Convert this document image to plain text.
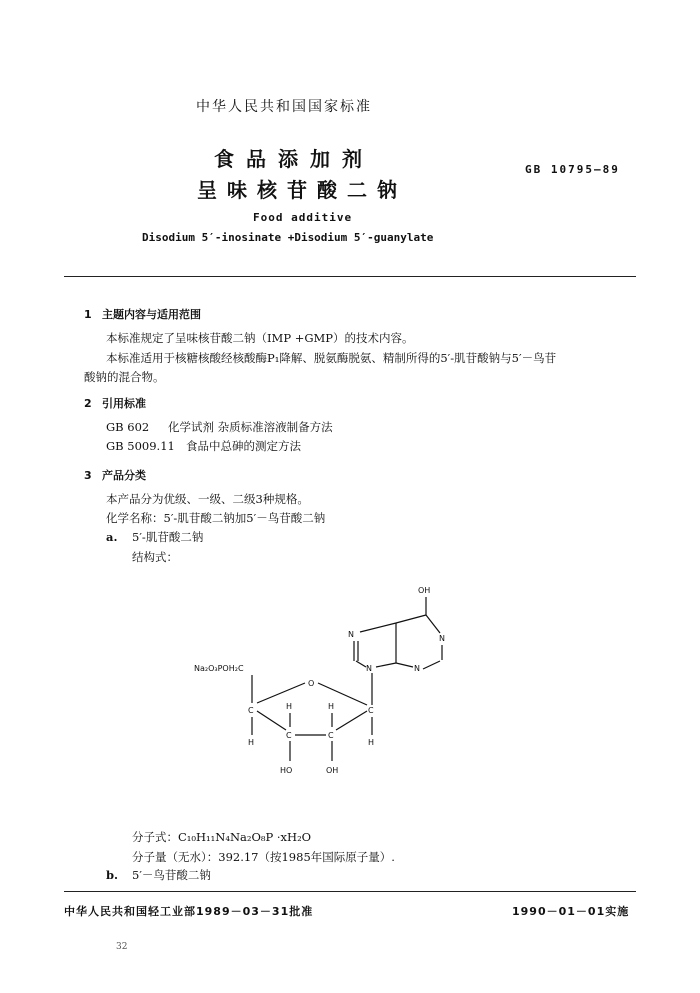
中华人民共和国国家标准
食品添加剂
呈味核苷酸二钠
GB 10795—89
Food additive
Disodium 5′-inosinate +Disodium 5′-guanylate
1 主题内容与适用范围
本标准规定了呈味核苷酸二钠（IMP +GMP）的技术内容。
本标准适用于核糖核酸经核酸酶P₁降解、脱氨酶脱氨、精制所得的5′-肌苷酸钠与5′－鸟苷
酸钠的混合物。
2 引用标准
GB 602 化学试剂 杂质标准溶液制备方法
GB 5009.11 食品中总砷的测定方法
3 产品分类
本产品分为优级、一级、二级3种规格。
化学名称：5′-肌苷酸二钠加5′－鸟苷酸二钠
a. 5′-肌苷酸二钠
结构式：
OH
N
N
N
N
Na₂O₃POH₂C
O
C	C
H	H
H	H
C	C
HO	OH
分子式：C₁₀H₁₁N₄Na₂O₈P ·xH₂O
分子量（无水）：392.17（按1985年国际原子量）.
b. 5′－鸟苷酸二钠
中华人民共和国轻工业部1989－03－31批准	1990－01－01实施
32
